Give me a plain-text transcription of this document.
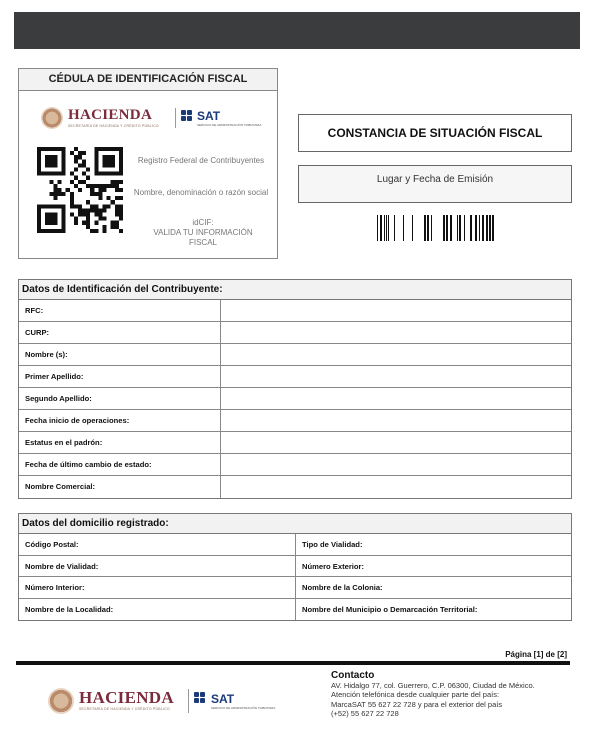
CÉDULA DE IDENTIFICACIÓN FISCAL
HACIENDA
SECRETARÍA DE HACIENDA Y CRÉDITO PÚBLICO
SAT
SERVICIO DE ADMINISTRACIÓN TRIBUTARIA
Registro Federal de Contribuyentes
Nombre, denominación o razón social
idCIF:
VALIDA TU INFORMACIÓN FISCAL
CONSTANCIA DE SITUACIÓN FISCAL
Lugar y Fecha de Emisión
Datos de Identificación del Contribuyente:
RFC:
CURP:
Nombre (s):
Primer Apellido:
Segundo Apellido:
Fecha inicio de operaciones:
Estatus en el padrón:
Fecha de último cambio de estado:
Nombre Comercial:
Datos del domicilio registrado:
Código Postal:	Tipo de Vialidad:
Nombre de Vialidad:	Número Exterior:
Número Interior:	Nombre de la Colonia:
Nombre de la Localidad:	Nombre del Municipio o Demarcación Territorial:
Página [1] de [2]
HACIENDA
SECRETARÍA DE HACIENDA Y CRÉDITO PÚBLICO
SAT
SERVICIO DE ADMINISTRACIÓN TRIBUTARIA
Contacto
AV. Hidalgo 77, col. Guerrero, C.P. 06300, Ciudad de México.
Atención telefónica desde cualquier parte del país:
MarcaSAT 55 627 22 728 y para el exterior del país
(+52) 55 627 22 728
